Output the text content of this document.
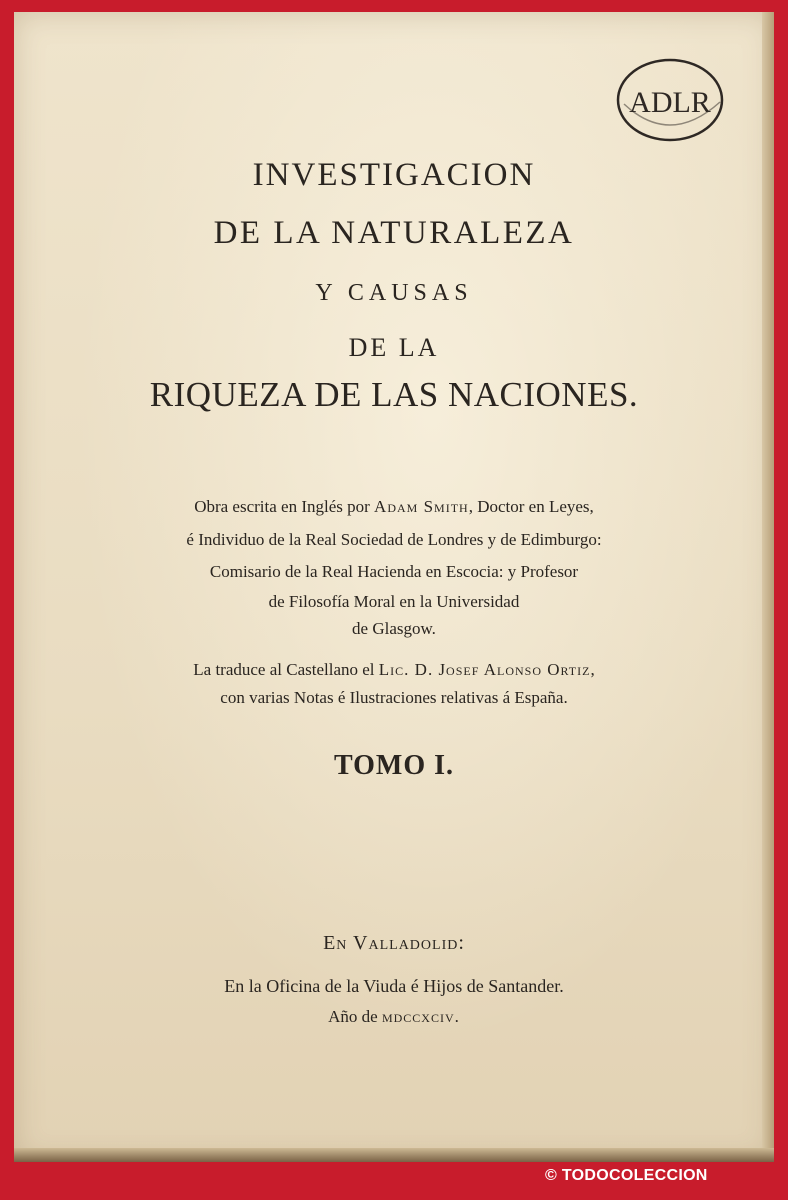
ADLR
INVESTIGACION
DE LA NATURALEZA
Y CAUSAS
DE LA
RIQUEZA DE LAS NACIONES.
Obra escrita en Inglés por Adam Smith, Doctor en Leyes,
é Individuo de la Real Sociedad de Londres y de Edimburgo:
Comisario de la Real Hacienda en Escocia: y Profesor
de Filosofía Moral en la Universidad
de Glasgow.
La traduce al Castellano el Lic. D. Josef Alonso Ortiz,
con varias Notas é Ilustraciones relativas á España.
TOMO I.
En Valladolid:
En la Oficina de la Viuda é Hijos de Santander.
Año de mdccxciv.
© TODOCOLECCION
